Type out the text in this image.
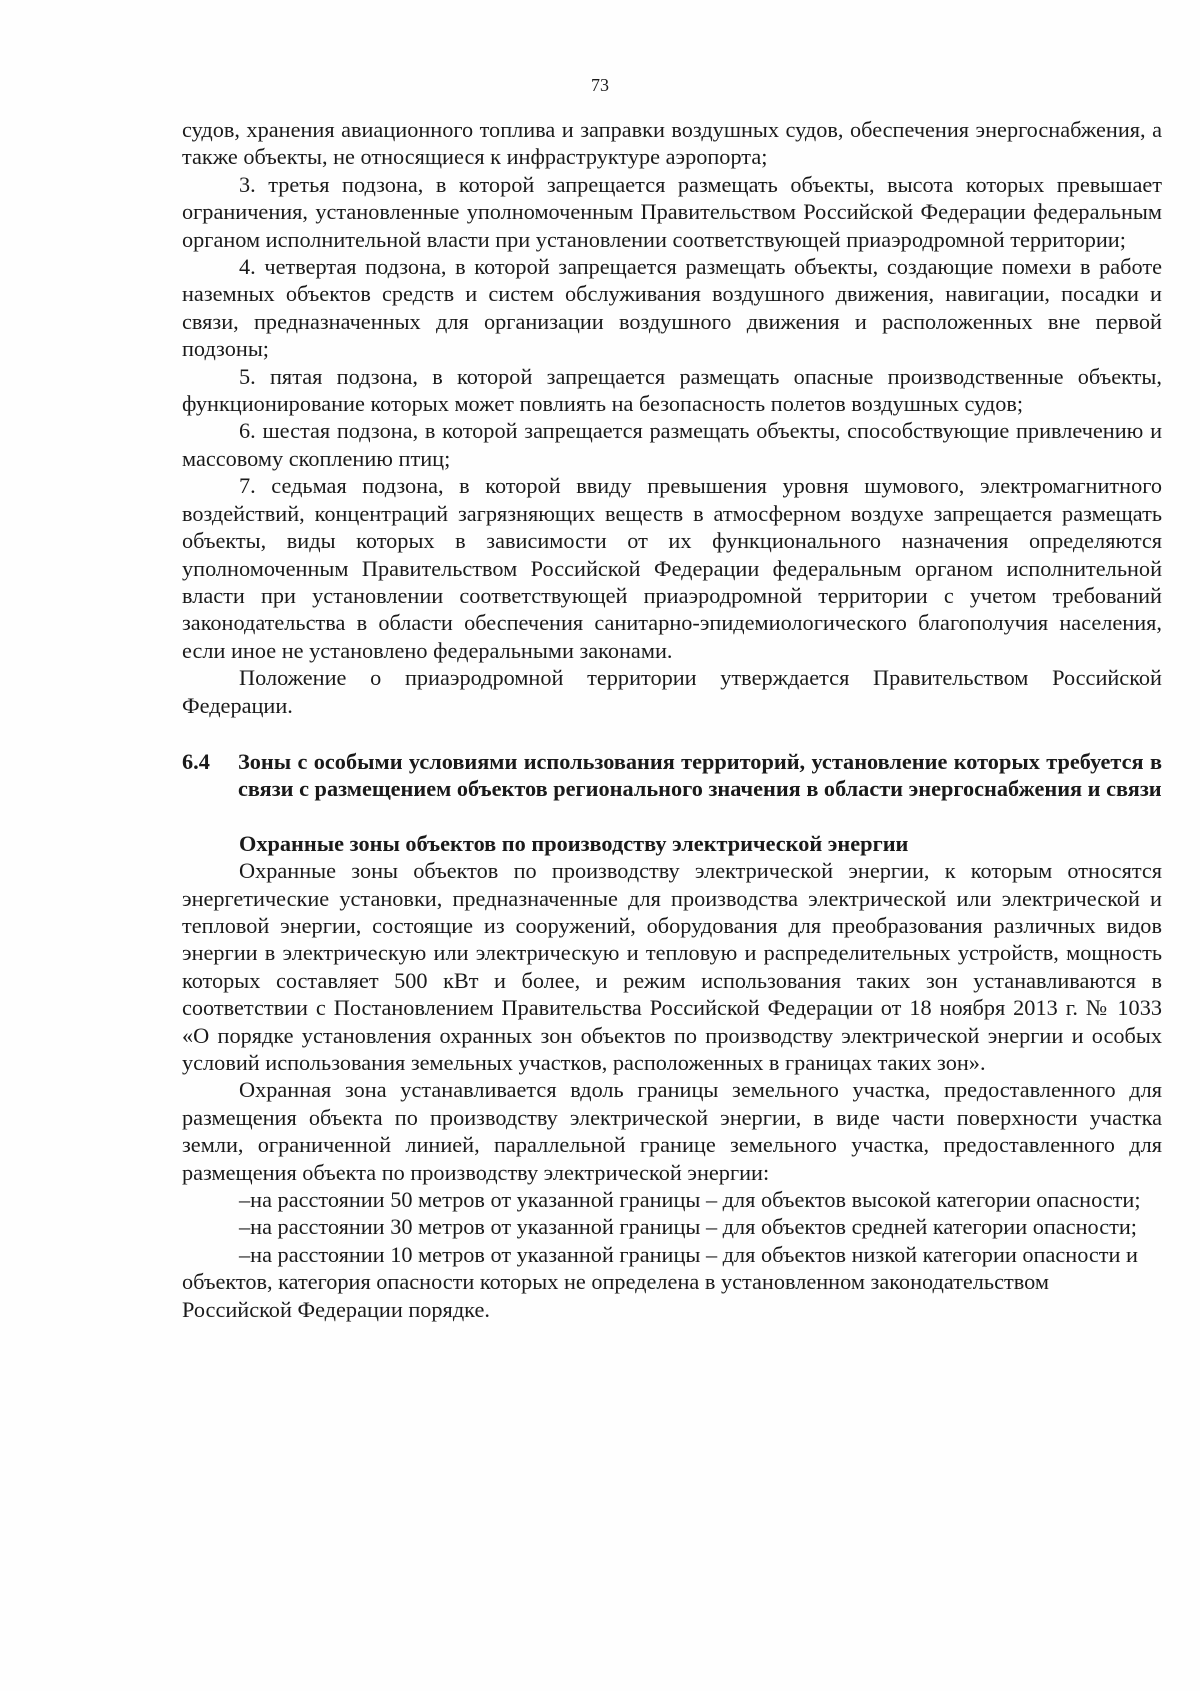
73

судов, хранения авиационного топлива и заправки воздушных судов, обеспечения энергоснабжения, а также объекты, не относящиеся к инфраструктуре аэропорта;

3. третья подзона, в которой запрещается размещать объекты, высота которых превышает ограничения, установленные уполномоченным Правительством Российской Федерации федеральным органом исполнительной власти при установлении соответствующей приаэродромной территории;

4. четвертая подзона, в которой запрещается размещать объекты, создающие помехи в работе наземных объектов средств и систем обслуживания воздушного движения, навигации, посадки и связи, предназначенных для организации воздушного движения и расположенных вне первой подзоны;

5. пятая подзона, в которой запрещается размещать опасные производственные объекты, функционирование которых может повлиять на безопасность полетов воздушных судов;

6. шестая подзона, в которой запрещается размещать объекты, способствующие привлечению и массовому скоплению птиц;

7. седьмая подзона, в которой ввиду превышения уровня шумового, электромагнитного воздействий, концентраций загрязняющих веществ в атмосферном воздухе запрещается размещать объекты, виды которых в зависимости от их функционального назначения определяются уполномоченным Правительством Российской Федерации федеральным органом исполнительной власти при установлении соответствующей приаэродромной территории с учетом требований законодательства в области обеспечения санитарно-эпидемиологического благополучия населения, если иное не установлено федеральными законами.

Положение о приаэродромной территории утверждается Правительством Российской Федерации.

6.4	Зоны с особыми условиями использования территорий, установление которых требуется в связи с размещением объектов регионального значения в области энергоснабжения и связи

Охранные зоны объектов по производству электрической энергии

Охранные зоны объектов по производству электрической энергии, к которым относятся энергетические установки, предназначенные для производства электрической или электрической и тепловой энергии, состоящие из сооружений, оборудования для преобразования различных видов энергии в электрическую или электрическую и тепловую и распределительных устройств, мощность которых составляет 500 кВт и более, и режим использования таких зон устанавливаются в соответствии с Постановлением Правительства Российской Федерации от 18 ноября 2013 г. № 1033 «О порядке установления охранных зон объектов по производству электрической энергии и особых условий использования земельных участков, расположенных в границах таких зон».

Охранная зона устанавливается вдоль границы земельного участка, предоставленного для размещения объекта по производству электрической энергии, в виде части поверхности участка земли, ограниченной линией, параллельной границе земельного участка, предоставленного для размещения объекта по производству электрической энергии:

–на расстоянии 50 метров от указанной границы – для объектов высокой категории опасности;

–на расстоянии 30 метров от указанной границы – для объектов средней категории опасности;

–на расстоянии 10 метров от указанной границы – для объектов низкой категории опасности и объектов, категория опасности которых не определена в установленном законодательством Российской Федерации порядке.
